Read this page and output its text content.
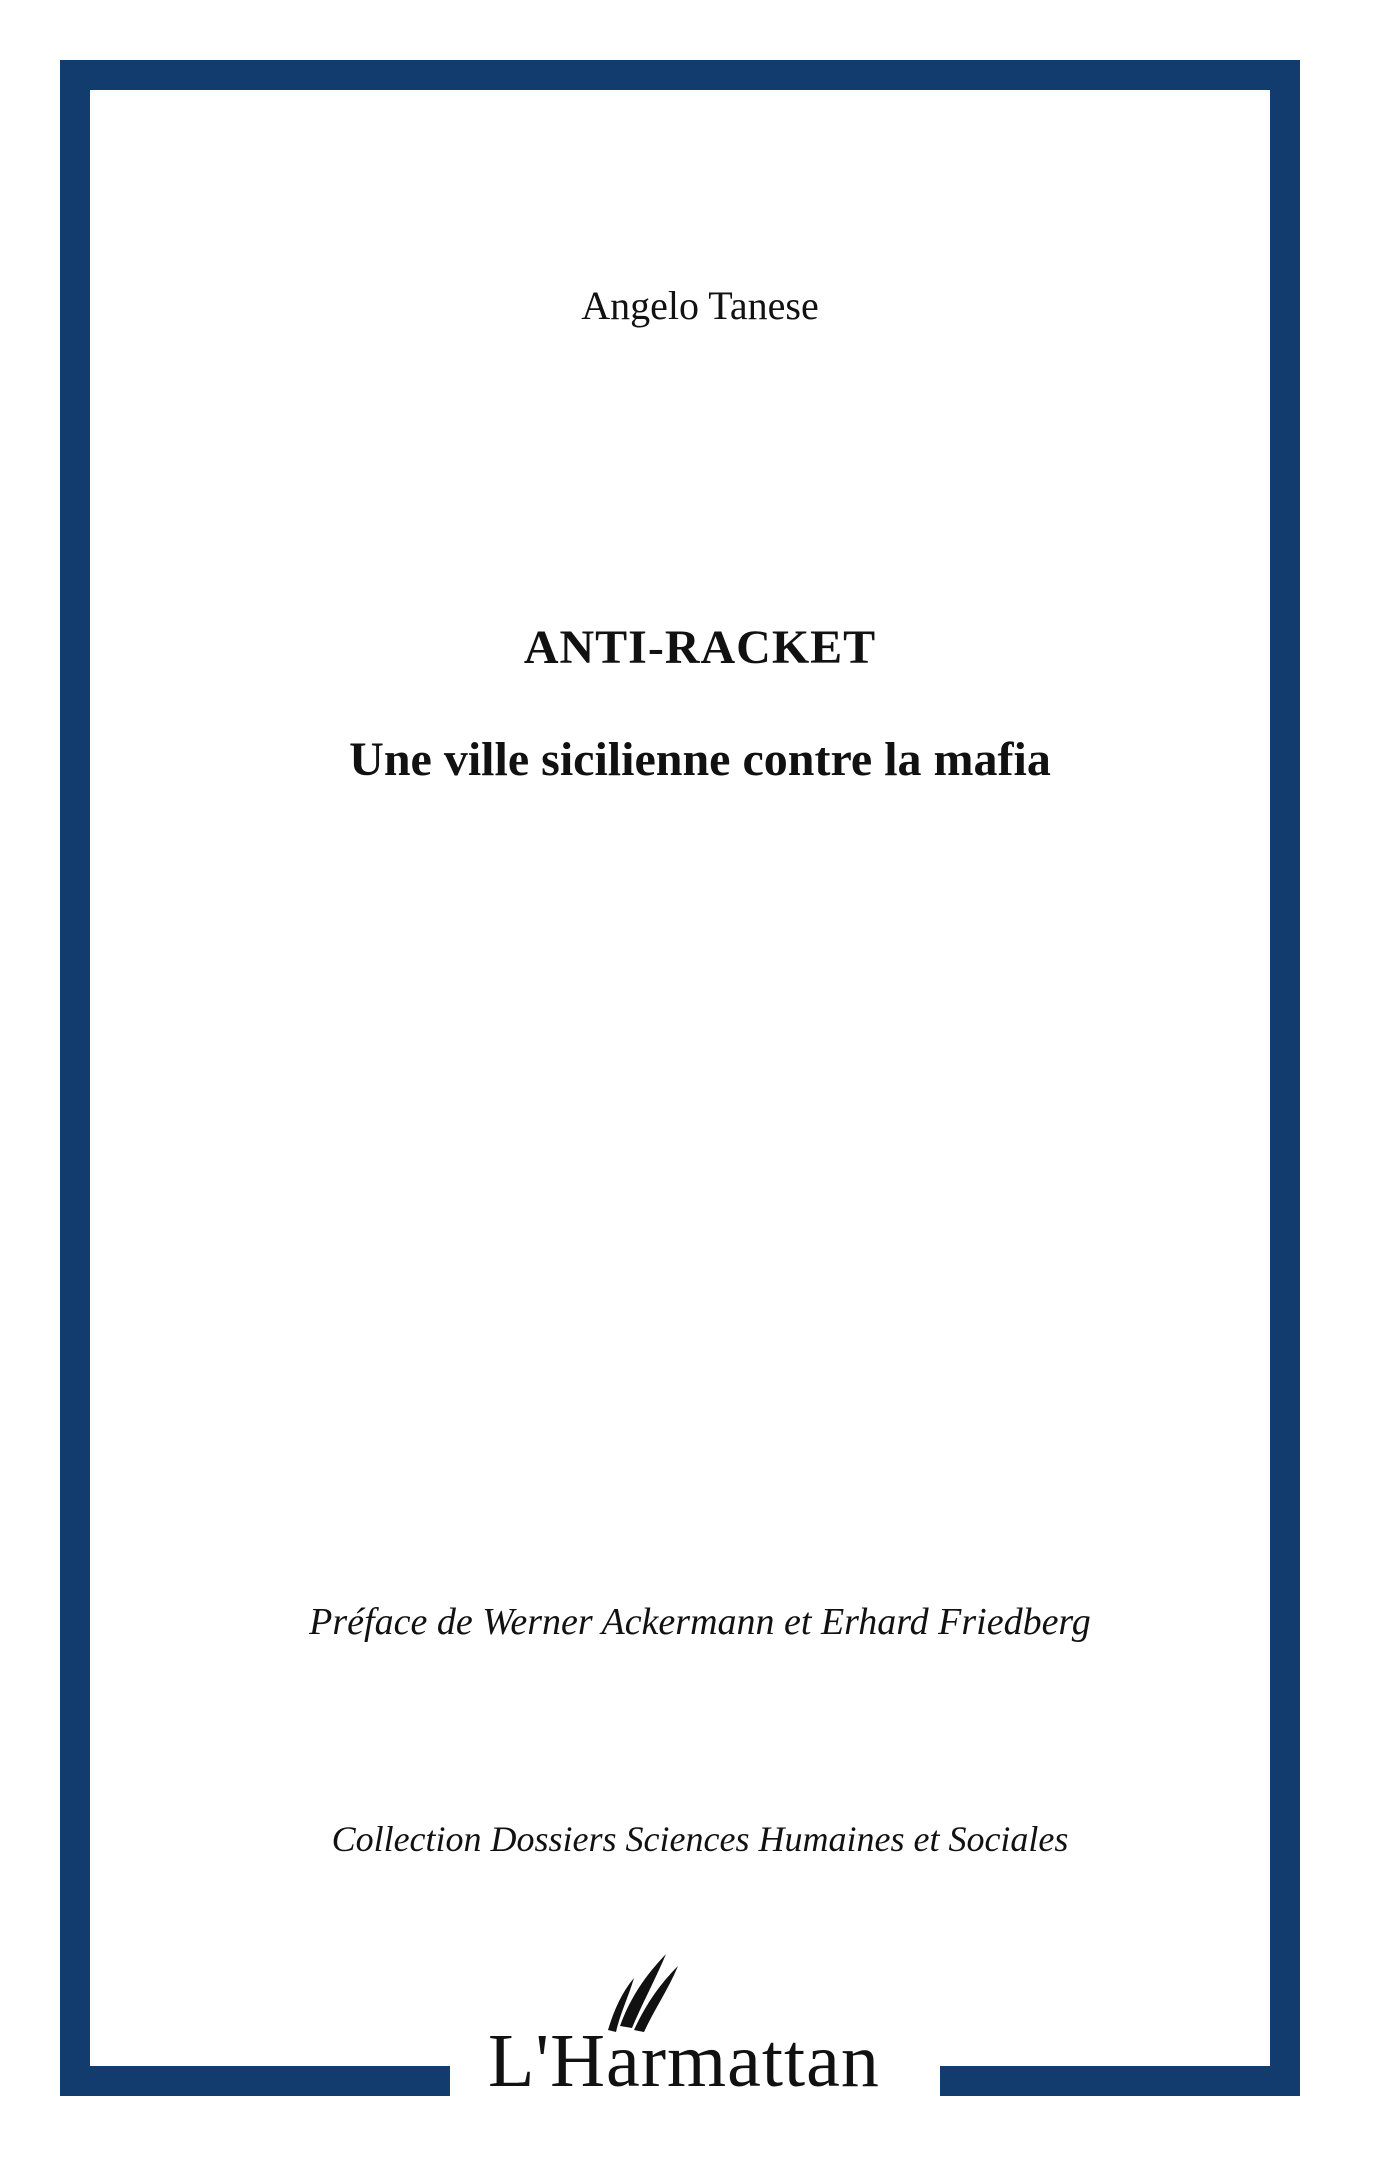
Angelo Tanese
ANTI-RACKET
Une ville sicilienne contre la mafia
Préface de Werner Ackermann et Erhard Friedberg
Collection Dossiers Sciences Humaines et Sociales
L'Harmattan
